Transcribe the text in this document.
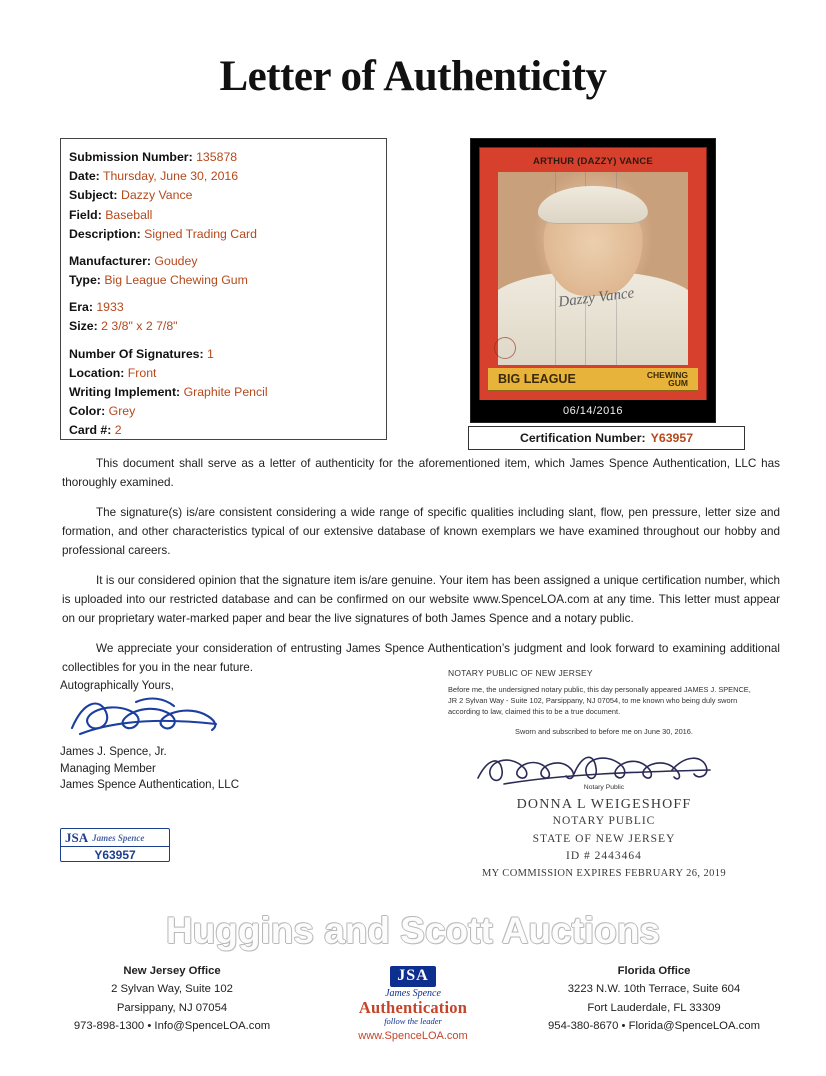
Letter of Authenticity
Submission Number: 135878
Date: Thursday, June 30, 2016
Subject: Dazzy Vance
Field: Baseball
Description: Signed Trading Card
Manufacturer: Goudey
Type: Big League Chewing Gum
Era: 1933
Size: 2 3/8" x 2 7/8"
Number Of Signatures: 1
Location: Front
Writing Implement: Graphite Pencil
Color: Grey
Card #: 2
ARTHUR (DAZZY) VANCE
Dazzy Vance
BIG LEAGUE	CHEWING
GUM
06/14/2016
Certification Number: Y63957

This document shall serve as a letter of authenticity for the aforementioned item, which James Spence Authentication, LLC has thoroughly examined.

The signature(s) is/are consistent considering a wide range of specific qualities including slant, flow, pen pressure, letter size and formation, and other characteristics typical of our extensive database of known exemplars we have examined throughout our hobby and professional careers.

It is our considered opinion that the signature item is/are genuine. Your item has been assigned a unique certification number, which is uploaded into our restricted database and can be confirmed on our website www.SpenceLOA.com at any time. This letter must appear on our proprietary water-marked paper and bear the live signatures of both James Spence and a notary public.

We appreciate your consideration of entrusting James Spence Authentication’s judgment and look forward to examining additional collectibles for you in the near future.

Autographically Yours,
James J. Spence, Jr.
Managing Member
James Spence Authentication, LLC
JSA James Spence
Y63957
NOTARY PUBLIC OF NEW JERSEY
Before me, the undersigned notary public, this day personally appeared JAMES J. SPENCE, JR 2 Sylvan Way - Suite 102, Parsippany, NJ 07054, to me known who being duly sworn according to law, claimed this to be a true document.
Sworn and subscribed to before me on June 30, 2016.
Notary Public
DONNA L WEIGESHOFF
NOTARY PUBLIC
STATE OF NEW JERSEY
ID # 2443464
MY COMMISSION EXPIRES FEBRUARY 26, 2019
Huggins and Scott Auctions
New Jersey Office
2 Sylvan Way, Suite 102
Parsippany, NJ 07054
973-898-1300 • Info@SpenceLOA.com
JSA
James Spence
Authentication
follow the leader
www.SpenceLOA.com
Florida Office
3223 N.W. 10th Terrace, Suite 604
Fort Lauderdale, FL 33309
954-380-8670 • Florida@SpenceLOA.com
